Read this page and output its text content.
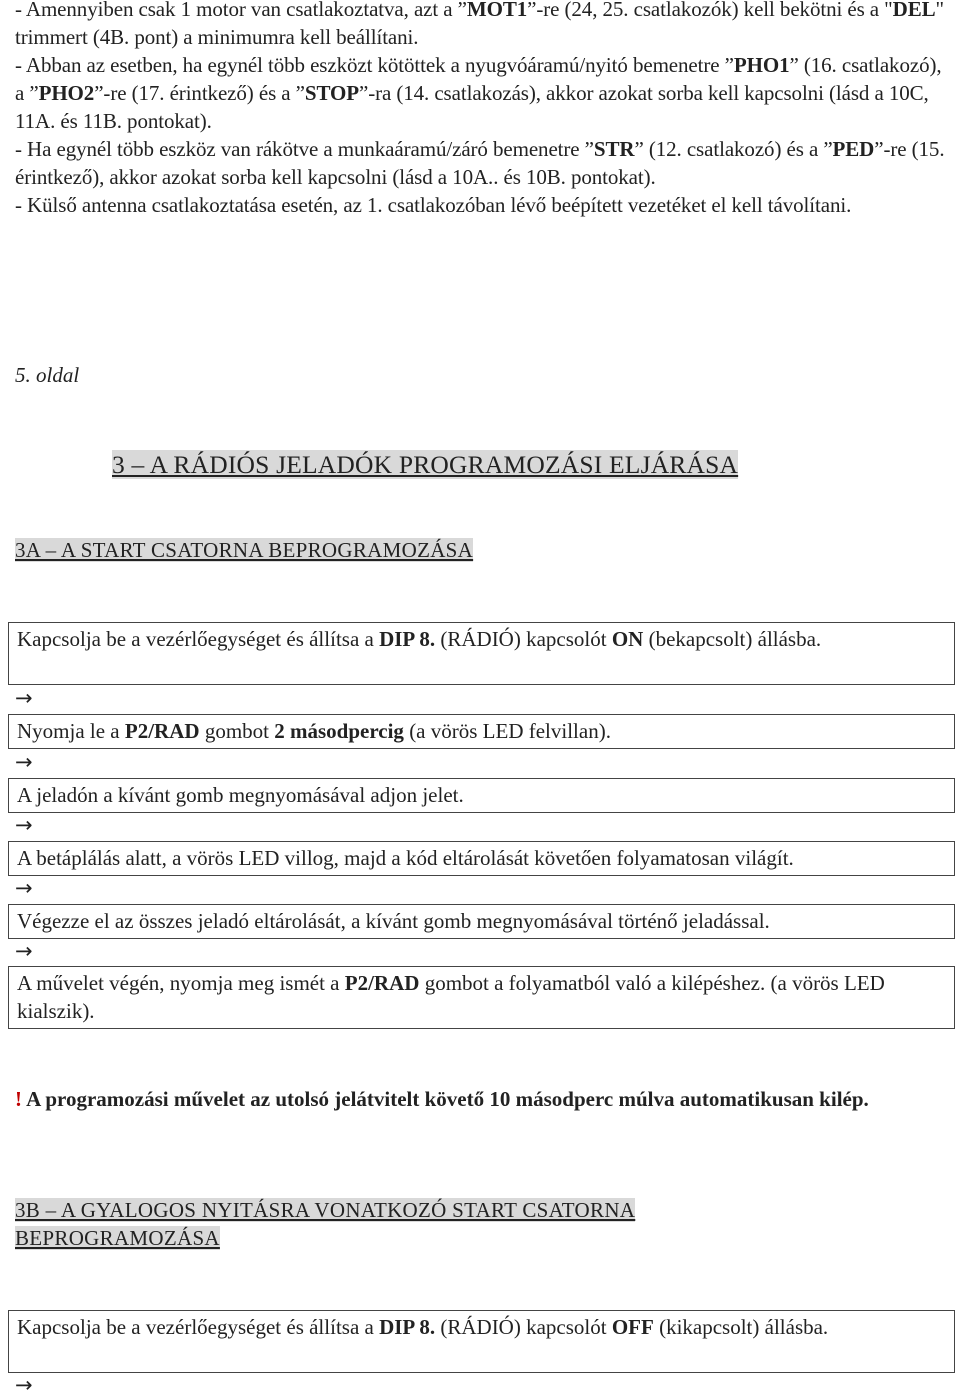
- Amennyiben csak 1 motor van csatlakoztatva, azt a ”MOT1”-re (24, 25. csatlakozók) kell bekötni és a "DEL" trimmert (4B. pont) a minimumra kell beállítani.

- Abban az esetben, ha egynél több eszközt kötöttek a nyugvóáramú/nyitó bemenetre ”PHO1” (16. csatlakozó), a ”PHO2”-re (17. érintkező) és a ”STOP”-ra (14. csatlakozás), akkor azokat sorba kell kapcsolni (lásd a 10C, 11A. és 11B. pontokat).

- Ha egynél több eszköz van rákötve a munkaáramú/záró bemenetre ”STR” (12. csatlakozó) és a ”PED”-re (15. érintkező), akkor azokat sorba kell kapcsolni (lásd a 10A.. és 10B. pontokat).

- Külső antenna csatlakoztatása esetén, az 1. csatlakozóban lévő beépített vezetéket el kell távolítani.

5. oldal
3 – A RÁDIÓS JELADÓK PROGRAMOZÁSI ELJÁRÁSA
3A – A START CSATORNA BEPROGRAMOZÁSA
Kapcsolja be a vezérlőegységet és állítsa a DIP 8. (RÁDIÓ) kapcsolót ON (bekapcsolt) állásba.
→
Nyomja le a P2/RAD gombot 2 másodpercig (a vörös LED felvillan).
→
A jeladón a kívánt gomb megnyomásával adjon jelet.
→
A betáplálás alatt, a vörös LED villog, majd a kód eltárolását követően folyamatosan világít.
→
Végezze el az összes jeladó eltárolását, a kívánt gomb megnyomásával történő jeladással.
→
A művelet végén, nyomja meg ismét a P2/RAD gombot a folyamatból való a kilépéshez. (a vörös LED kialszik).
! A programozási művelet az utolsó jelátvitelt követő 10 másodperc múlva automatikusan kilép.
3B – A GYALOGOS NYITÁSRA VONATKOZÓ START CSATORNA
BEPROGRAMOZÁSA
Kapcsolja be a vezérlőegységet és állítsa a DIP 8. (RÁDIÓ) kapcsolót OFF (kikapcsolt) állásba.
→
